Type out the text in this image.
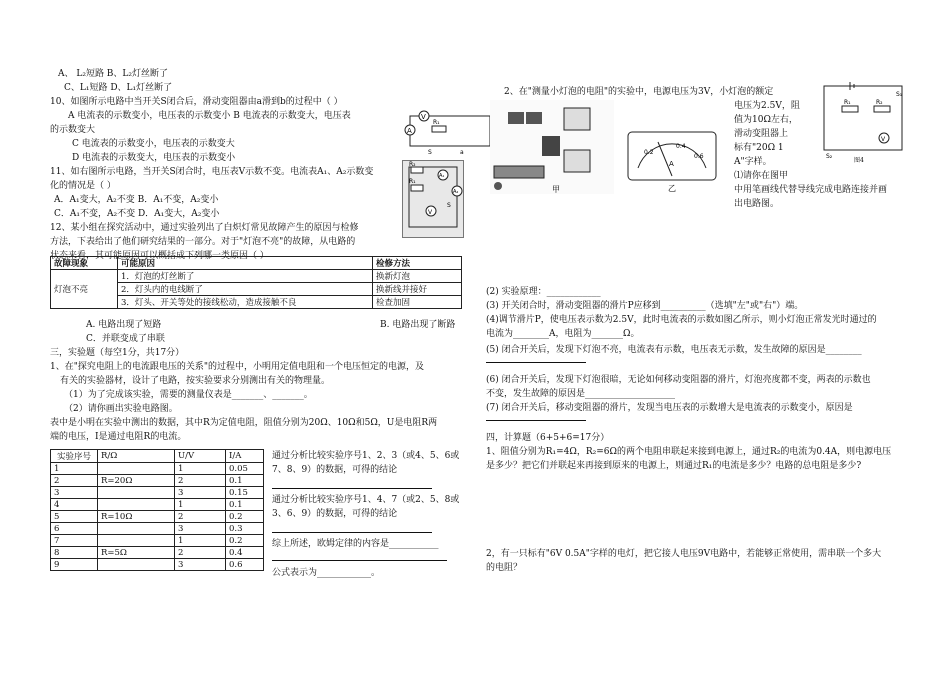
A、 L₂短路 B、L₂灯丝断了
C、L₁短路 D、L₁灯丝断了
10、如图所示电路中当开关S闭合后，滑动变阻器由a滑到b的过程中（ ）
A 电流表的示数变小，电压表的示数变小 B 电流表的示数变大，电压表
的示数变大
C 电流表的示数变小，电压表的示数变大
D 电流表的示数变大，电压表的示数变小
11、如右图所示电路，当开关S闭合时，电压表V示数不变。电流表A₁、A₂示数变
化的情况是（ ）
A．A₁变大，A₂不变 B．A₁不变，A₂变小
C．A₁不变，A₂不变 D．A₁变大，A₂变小
12、某小组在探究活动中，通过实验列出了白炽灯常见故障产生的原因与检修
方法，下表给出了他们研究结果的一部分。对于"灯泡不亮"的故障，从电路的
状态来看，其可能原因可以概括成下列哪一类原因（ ）
V
A
R₁
S	a
R₂
R₁
A₁
A₂
V
S
故障现象	可能原因	检修方法
灯泡不亮	1．灯泡的灯丝断了	换新灯泡
	2．灯头内的电线断了	换新线并接好
	3．灯头、开关等处的接线松动，造成接触不良	检查加固
A. 电路出现了短路	B. 电路出现了断路
C．并联变成了串联
三，实验题（每空1分，共17分）
1、在"探究电阻上的电流跟电压的关系"的过程中，小明用定值电阻和一个电压恒定的电源，及
有关的实验器材，设计了电路，按实验要求分别测出有关的物理量。
（1）为了完成该实验，需要的测量仪表是_______、_______。
（2）请你画出实验电路图。
表中是小明在实验中测出的数据，其中R为定值电阻，阻值分别为20Ω、10Ω和5Ω，U是电阻R两
端的电压，I是通过电阻R的电流。
实验序号	R/Ω	U/V	I/A
1		1	0.05
2	R=20Ω	2	0.1
3		3	0.15
4		1	0.1
5	R=10Ω	2	0.2
6		3	0.3
7		1	0.2
8	R=5Ω	2	0.4
9		3	0.6
通过分析比较实验序号1、2、3（或4、5、6或
7、8、9）的数据，可得的结论
通过分析比较实验序号1、4、7（或2、5、8或
3、6、9）的数据，可得的结论
综上所述，欧姆定律的内容是___________
公式表示为____________。
2、在"测量小灯泡的电阻"的实验中，电源电压为3V，小灯泡的额定
电压为2.5V，阻
值为10Ω左右，
滑动变阻器上
标有"20Ω 1
A"字样。
⑴请你在图甲
中用笔画线代替导线完成电路连接并画
出电路图。
甲
0.2
0.4
0.6
A
乙
S₁
R₁	R₂
S₂
V
图4
(2) 实验原理：____________
(3) 开关闭合时，滑动变阻器的滑片P应移到__________（选填"左"或"右"）端。
(4)调节滑片P，使电压表示数为2.5V，此时电流表的示数如图乙所示，则小灯泡正常发光时通过的
电流为________A，电阻为_______Ω。
(5) 闭合开关后，发现下灯泡不亮，电流表有示数，电压表无示数，发生故障的原因是________
(6) 闭合开关后，发现下灯泡很暗，无论如何移动变阻器的滑片，灯泡亮度都不变，两表的示数也
不变，发生故障的原因是____________________
(7) 闭合开关后，移动变阻器的滑片，发现当电压表的示数增大是电流表的示数变小，原因是
四，计算题（6+5+6=17分）
1、阻值分别为R₁=4Ω，R₂=6Ω的两个电阻串联起来接到电源上，通过R₂的电流为0.4A，则电源电压
是多少？把它们并联起来再接到原来的电源上，则通过R₁的电流是多少？电路的总电阻是多少?
2，有一只标有"6V 0.5A"字样的电灯，把它接人电压9V电路中，若能够正常使用，需串联一个多大
的电阻？
